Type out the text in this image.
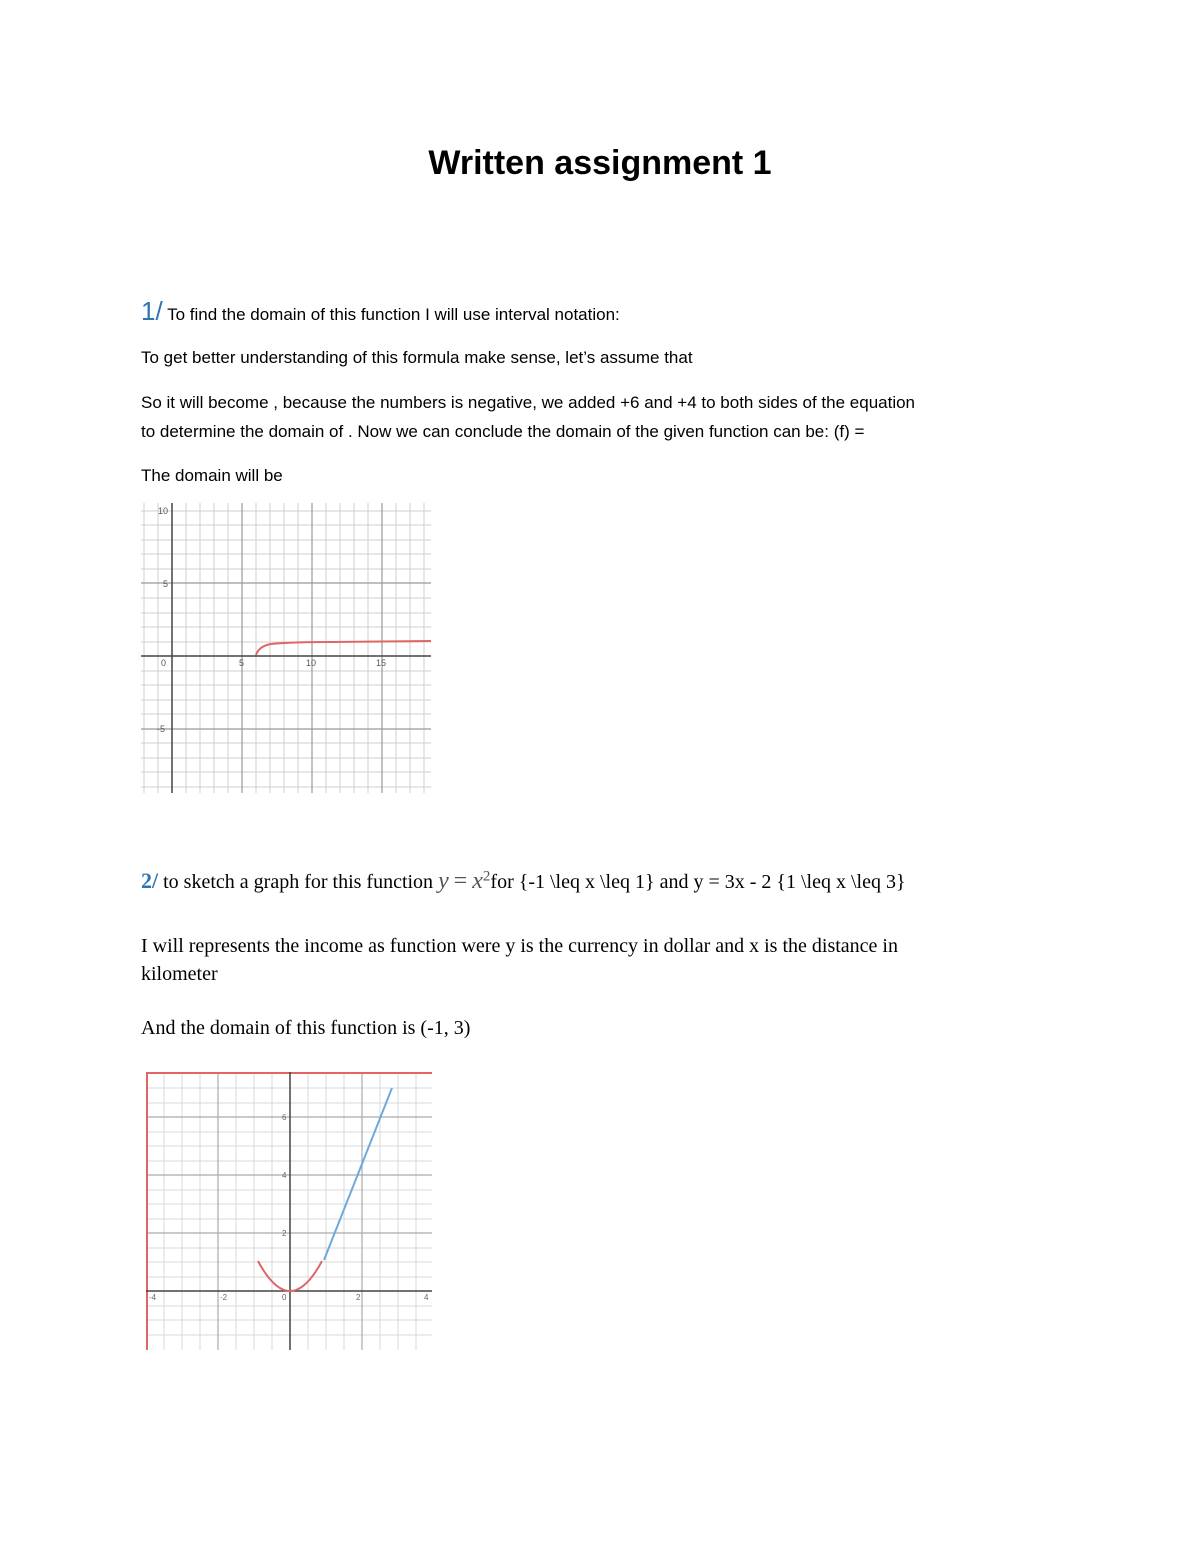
Written assignment 1
1/ To find the domain of this function I will use interval notation:
To get better understanding of this formula make sense, let’s assume that
So it will become , because the numbers is negative, we added +6 and +4 to both sides of the equation
to determine the domain of . Now we can conclude the domain of the given function can be: (f) =
The domain will be
10
5
0
-5
5	10	15
2/ to sketch a graph for this function $y = x^2for$ {-1 \leq x \leq 1} and y = 3x - 2 {1 \leq x \leq 3}
I will represents the income as function were y is the currency in dollar and x is the distance in
kilometer
And the domain of this function is (-1, 3)
6
4
2
-4	-2	0	2	4
